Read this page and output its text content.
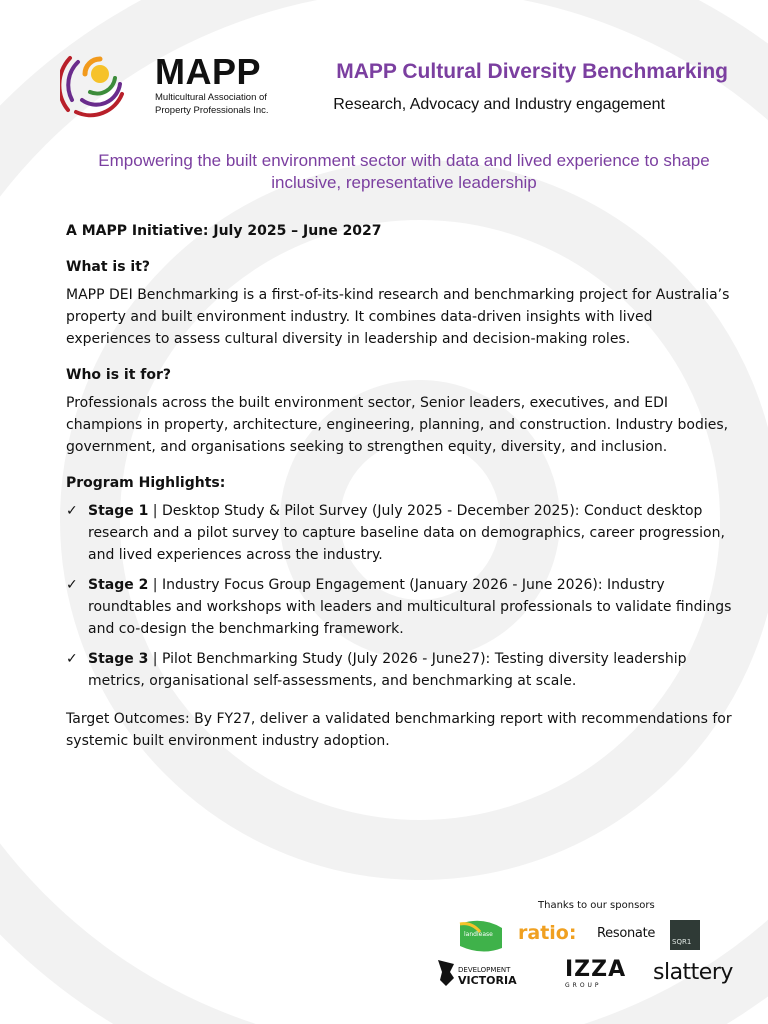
MAPP
Multicultural Association of
Property Professionals Inc.
MAPP Cultural Diversity Benchmarking
Research, Advocacy and Industry engagement
Empowering the built environment sector with data and lived experience to shape inclusive, representative leadership

A MAPP Initiative: July 2025 – June 2027

What is it?

MAPP DEI Benchmarking is a first-of-its-kind research and benchmarking project for Australia’s property and built environment industry. It combines data-driven insights with lived experiences to assess cultural diversity in leadership and decision-making roles.

Who is it for?

Professionals across the built environment sector, Senior leaders, executives, and EDI champions in property, architecture, engineering, planning, and construction. Industry bodies, government, and organisations seeking to strengthen equity, diversity, and inclusion.

Program Highlights:

✓ Stage 1 | Desktop Study & Pilot Survey (July 2025 - December 2025): Conduct desktop research and a pilot survey to capture baseline data on demographics, career progression, and lived experiences across the industry.
✓ Stage 2 | Industry Focus Group Engagement (January 2026 - June 2026): Industry roundtables and workshops with leaders and multicultural professionals to validate findings and co-design the benchmarking framework.
✓ Stage 3 | Pilot Benchmarking Study (July 2026 - June27): Testing diversity leadership metrics, organisational self-assessments, and benchmarking at scale.

Target Outcomes: By FY27, deliver a validated benchmarking report with recommendations for systemic built environment industry adoption.

Thanks to our sponsors
landlease ratio: Resonate
SQR1
DEVELOPMENT
VICTORIA IZZA
GROUP
slattery
